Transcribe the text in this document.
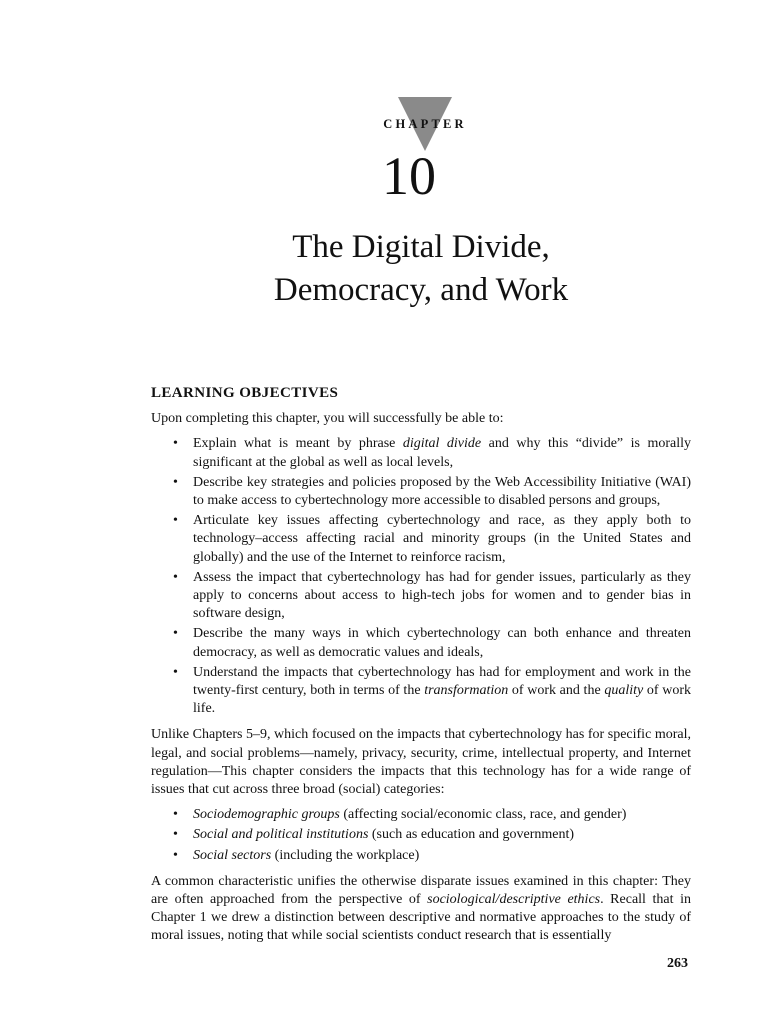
CHAPTER
10
The Digital Divide,
Democracy, and Work
LEARNING OBJECTIVES

Upon completing this chapter, you will successfully be able to:

• Explain what is meant by phrase digital divide and why this “divide” is morally significant at the global as well as local levels,
• Describe key strategies and policies proposed by the Web Accessibility Initiative (WAI) to make access to cybertechnology more accessible to disabled persons and groups,
• Articulate key issues affecting cybertechnology and race, as they apply both to technology–access affecting racial and minority groups (in the United States and globally) and the use of the Internet to reinforce racism,
• Assess the impact that cybertechnology has had for gender issues, particularly as they apply to concerns about access to high-tech jobs for women and to gender bias in software design,
• Describe the many ways in which cybertechnology can both enhance and threaten democracy, as well as democratic values and ideals,
• Understand the impacts that cybertechnology has had for employment and work in the twenty-first century, both in terms of the transformation of work and the quality of work life.

Unlike Chapters 5–9, which focused on the impacts that cybertechnology has for specific moral, legal, and social problems—namely, privacy, security, crime, intellectual property, and Internet regulation—This chapter considers the impacts that this technology has for a wide range of issues that cut across three broad (social) categories:

• Sociodemographic groups (affecting social/economic class, race, and gender)
• Social and political institutions (such as education and government)
• Social sectors (including the workplace)

A common characteristic unifies the otherwise disparate issues examined in this chapter: They are often approached from the perspective of sociological/descriptive ethics. Recall that in Chapter 1 we drew a distinction between descriptive and normative approaches to the study of moral issues, noting that while social scientists conduct research that is essentially

263
